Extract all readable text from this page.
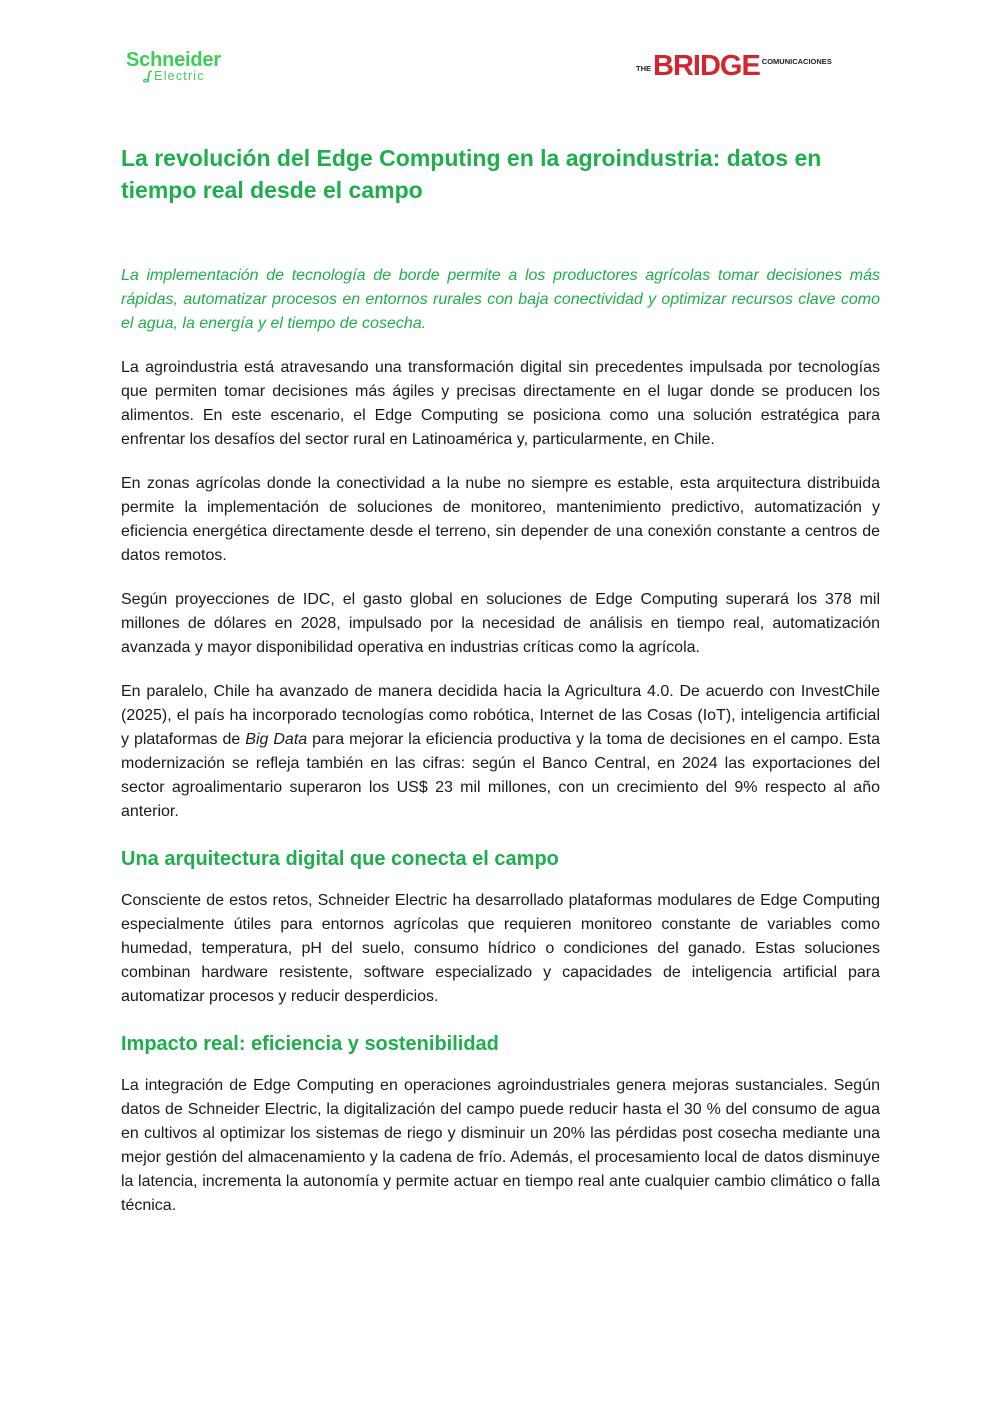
Schneider
ʆ Electric
THE BRIDGE COMUNICACIONES
La revolución del Edge Computing en la agroindustria: datos en tiempo real desde el campo

La implementación de tecnología de borde permite a los productores agrícolas tomar decisiones más rápidas, automatizar procesos en entornos rurales con baja conectividad y optimizar recursos clave como el agua, la energía y el tiempo de cosecha.

La agroindustria está atravesando una transformación digital sin precedentes impulsada por tecnologías que permiten tomar decisiones más ágiles y precisas directamente en el lugar donde se producen los alimentos. En este escenario, el Edge Computing se posiciona como una solución estratégica para enfrentar los desafíos del sector rural en Latinoamérica y, particularmente, en Chile.

En zonas agrícolas donde la conectividad a la nube no siempre es estable, esta arquitectura distribuida permite la implementación de soluciones de monitoreo, mantenimiento predictivo, automatización y eficiencia energética directamente desde el terreno, sin depender de una conexión constante a centros de datos remotos.

Según proyecciones de IDC, el gasto global en soluciones de Edge Computing superará los 378 mil millones de dólares en 2028, impulsado por la necesidad de análisis en tiempo real, automatización avanzada y mayor disponibilidad operativa en industrias críticas como la agrícola.

En paralelo, Chile ha avanzado de manera decidida hacia la Agricultura 4.0. De acuerdo con InvestChile (2025), el país ha incorporado tecnologías como robótica, Internet de las Cosas (IoT), inteligencia artificial y plataformas de Big Data para mejorar la eficiencia productiva y la toma de decisiones en el campo. Esta modernización se refleja también en las cifras: según el Banco Central, en 2024 las exportaciones del sector agroalimentario superaron los US$ 23 mil millones, con un crecimiento del 9% respecto al año anterior.

Una arquitectura digital que conecta el campo

Consciente de estos retos, Schneider Electric ha desarrollado plataformas modulares de Edge Computing especialmente útiles para entornos agrícolas que requieren monitoreo constante de variables como humedad, temperatura, pH del suelo, consumo hídrico o condiciones del ganado. Estas soluciones combinan hardware resistente, software especializado y capacidades de inteligencia artificial para automatizar procesos y reducir desperdicios.

Impacto real: eficiencia y sostenibilidad

La integración de Edge Computing en operaciones agroindustriales genera mejoras sustanciales. Según datos de Schneider Electric, la digitalización del campo puede reducir hasta el 30 % del consumo de agua en cultivos al optimizar los sistemas de riego y disminuir un 20% las pérdidas post cosecha mediante una mejor gestión del almacenamiento y la cadena de frío. Además, el procesamiento local de datos disminuye la latencia, incrementa la autonomía y permite actuar en tiempo real ante cualquier cambio climático o falla técnica.
